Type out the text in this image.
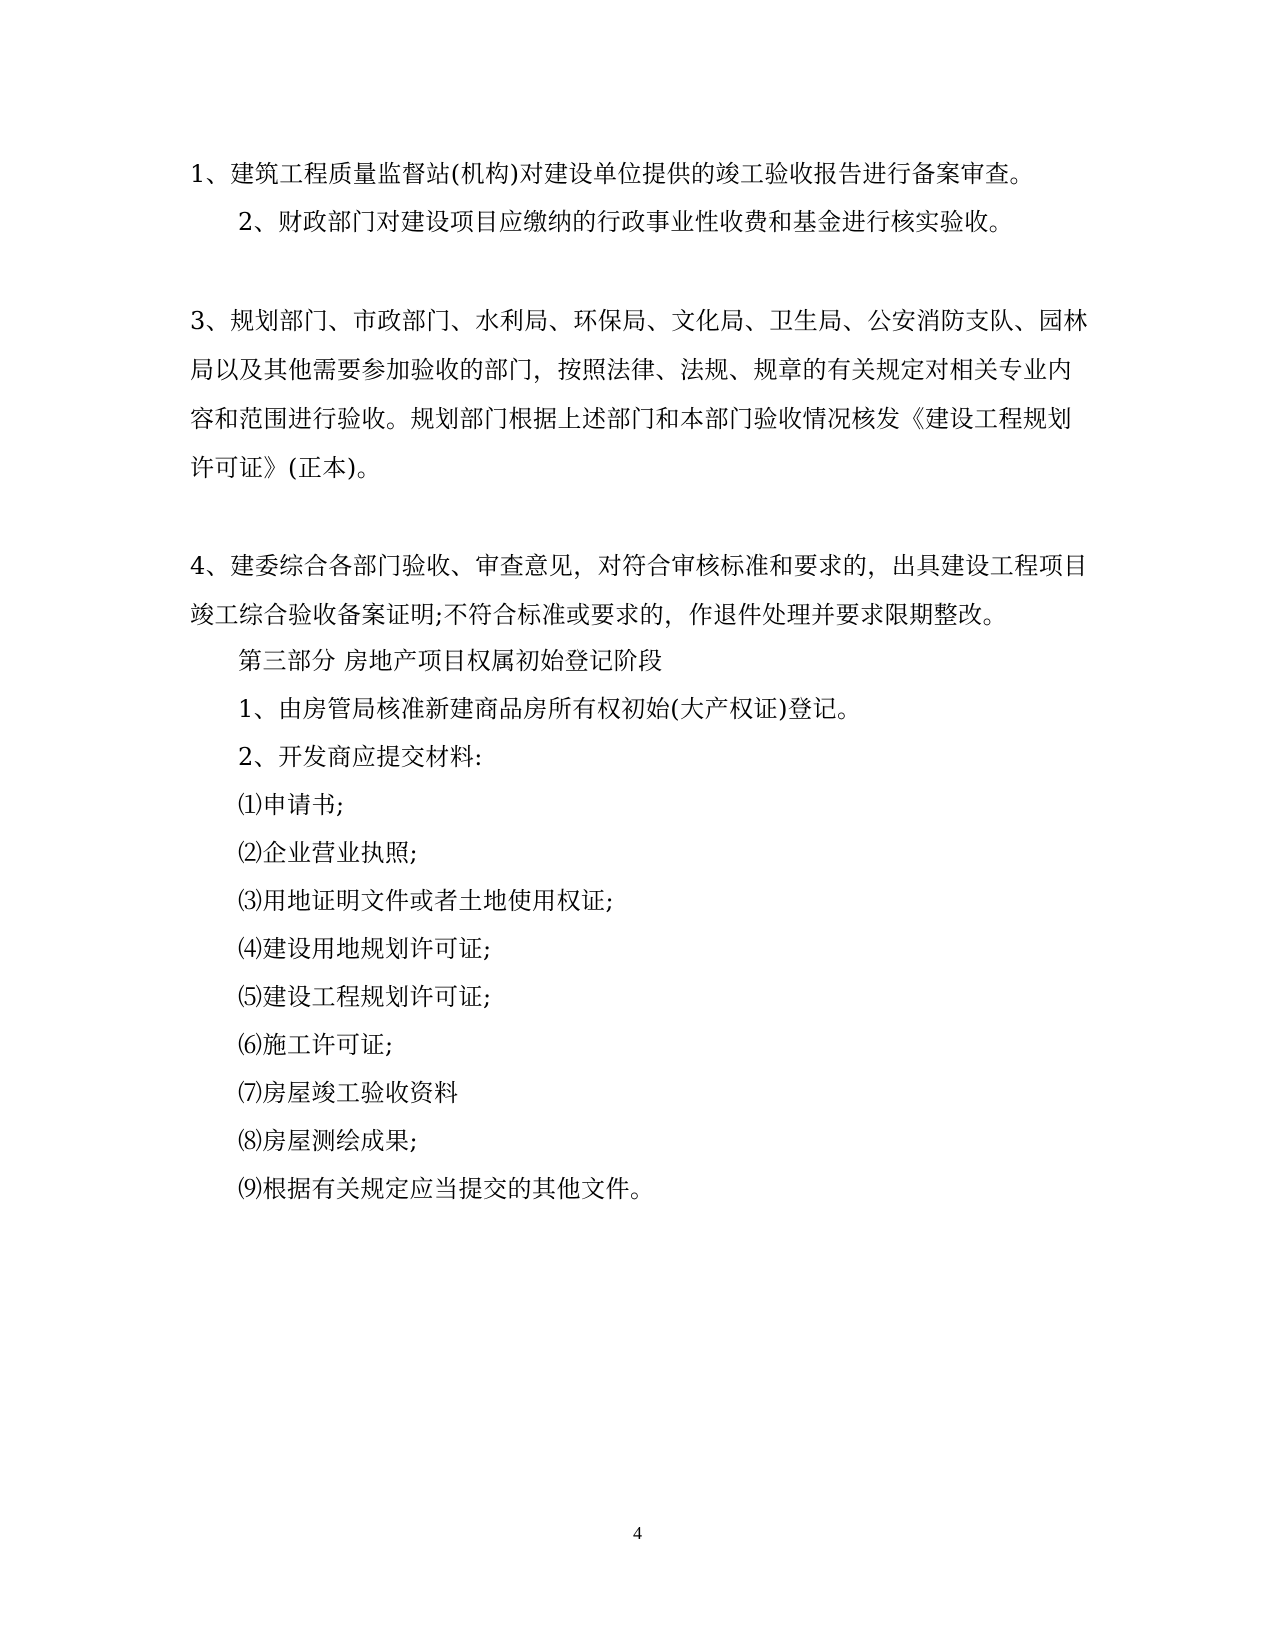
1、建筑工程质量监督站(机构)对建设单位提供的竣工验收报告进行备案审查。
2、财政部门对建设项目应缴纳的行政事业性收费和基金进行核实验收。
3、规划部门、市政部门、水利局、环保局、文化局、卫生局、公安消防支队、园林局以及其他需要参加验收的部门，按照法律、法规、规章的有关规定对相关专业内容和范围进行验收。规划部门根据上述部门和本部门验收情况核发《建设工程规划许可证》(正本)。
4、建委综合各部门验收、审查意见，对符合审核标准和要求的，出具建设工程项目竣工综合验收备案证明;不符合标准或要求的，作退件处理并要求限期整改。
第三部分 房地产项目权属初始登记阶段
1、由房管局核准新建商品房所有权初始(大产权证)登记。
2、开发商应提交材料:
⑴申请书;
⑵企业营业执照;
⑶用地证明文件或者土地使用权证;
⑷建设用地规划许可证;
⑸建设工程规划许可证;
⑹施工许可证;
⑺房屋竣工验收资料
⑻房屋测绘成果;
⑼根据有关规定应当提交的其他文件。
4
